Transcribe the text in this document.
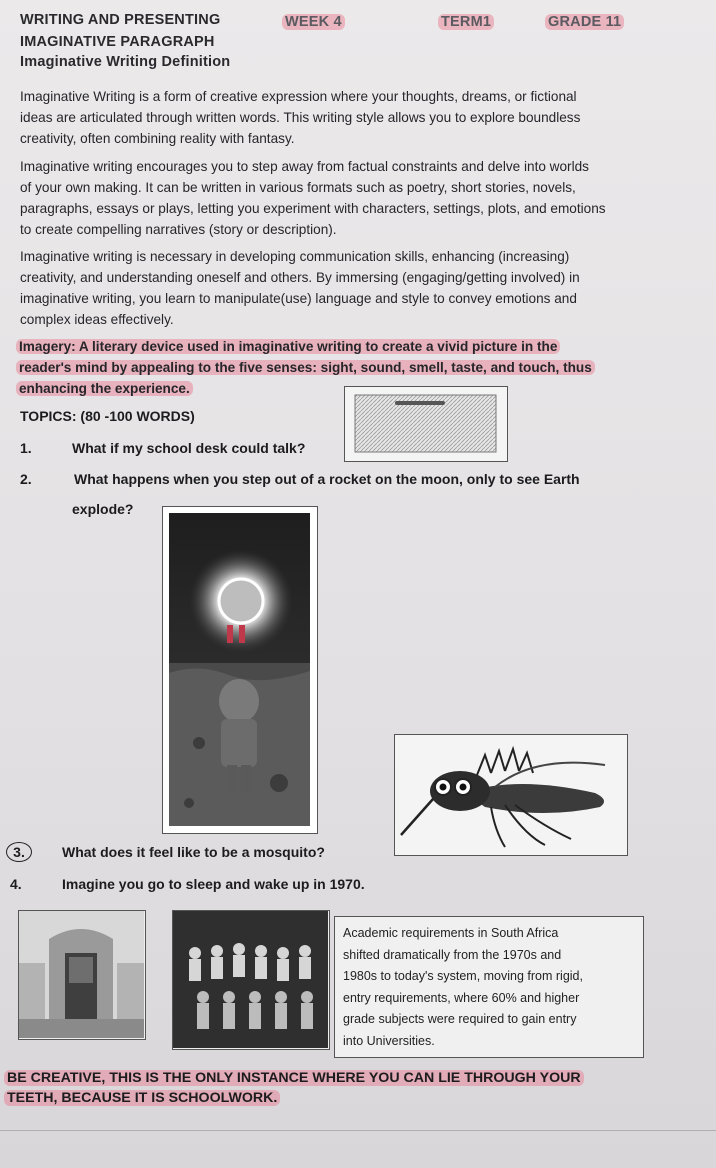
WRITING AND PRESENTING	WEEK 4	TERM1	GRADE 11
IMAGINATIVE PARAGRAPH
Imaginative Writing Definition
Imaginative Writing is a form of creative expression where your thoughts, dreams, or fictional
ideas are articulated through written words. This writing style allows you to explore boundless
creativity, often combining reality with fantasy.
Imaginative writing encourages you to step away from factual constraints and delve into worlds
of your own making. It can be written in various formats such as poetry, short stories, novels,
paragraphs, essays or plays, letting you experiment with characters, settings, plots, and emotions
to create compelling narratives (story or description).
Imaginative writing is necessary in developing communication skills, enhancing (increasing)
creativity, and understanding oneself and others. By immersing (engaging/getting involved) in
imaginative writing, you learn to manipulate(use) language and style to convey emotions and
complex ideas effectively.
Imagery: A literary device used in imaginative writing to create a vivid picture in the
reader's mind by appealing to the five senses: sight, sound, smell, taste, and touch, thus
enhancing the experience.
TOPICS: (80 -100 WORDS)
1.	What if my school desk could talk?
2.	What happens when you step out of a rocket on the moon, only to see Earth
explode?
3.	What does it feel like to be a mosquito?
4.	Imagine you go to sleep and wake up in 1970.
Academic requirements in South Africa
shifted dramatically from the 1970s and
1980s to today's system, moving from rigid,
entry requirements, where 60% and higher
grade subjects were required to gain entry
into Universities.
BE CREATIVE, THIS IS THE ONLY INSTANCE WHERE YOU CAN LIE THROUGH YOUR
TEETH, BECAUSE IT IS SCHOOLWORK.
